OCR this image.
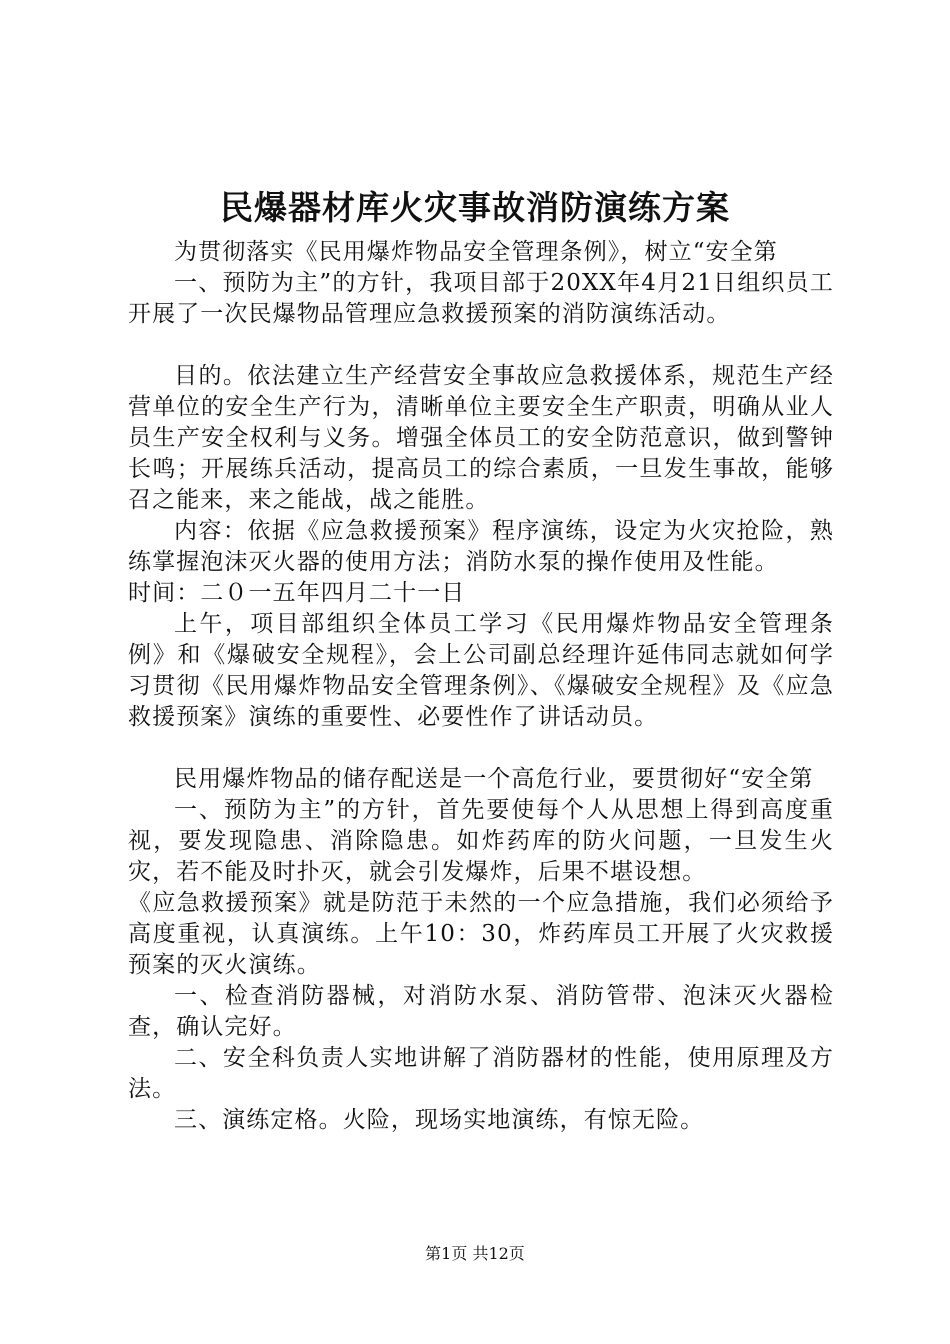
民爆器材库火灾事故消防演练方案

为贯彻落实《民用爆炸物品安全管理条例》，树立“安全第

一、预防为主”的方针，我项目部于20XX年4月21日组织员工开展了一次民爆物品管理应急救援预案的消防演练活动。

目的。依法建立生产经营安全事故应急救援体系，规范生产经营单位的安全生产行为，清晰单位主要安全生产职责，明确从业人员生产安全权利与义务。增强全体员工的安全防范意识，做到警钟长鸣；开展练兵活动，提高员工的综合素质，一旦发生事故，能够召之能来，来之能战，战之能胜。

内容：依据《应急救援预案》程序演练，设定为火灾抢险，熟练掌握泡沫灭火器的使用方法；消防水泵的操作使用及性能。

时间：二０一五年四月二十一日

上午，项目部组织全体员工学习《民用爆炸物品安全管理条例》和《爆破安全规程》，会上公司副总经理许延伟同志就如何学习贯彻《民用爆炸物品安全管理条例》、《爆破安全规程》及《应急救援预案》演练的重要性、必要性作了讲话动员。

民用爆炸物品的储存配送是一个高危行业，要贯彻好“安全第

一、预防为主”的方针，首先要使每个人从思想上得到高度重视，要发现隐患、消除隐患。如炸药库的防火问题，一旦发生火灾，若不能及时扑灭，就会引发爆炸，后果不堪设想。

《应急救援预案》就是防范于未然的一个应急措施，我们必须给予高度重视，认真演练。上午10：30，炸药库员工开展了火灾救援预案的灭火演练。

一、检查消防器械，对消防水泵、消防管带、泡沫灭火器检查，确认完好。

二、安全科负责人实地讲解了消防器材的性能，使用原理及方法。

三、演练定格。火险，现场实地演练，有惊无险。

第1页 共12页
